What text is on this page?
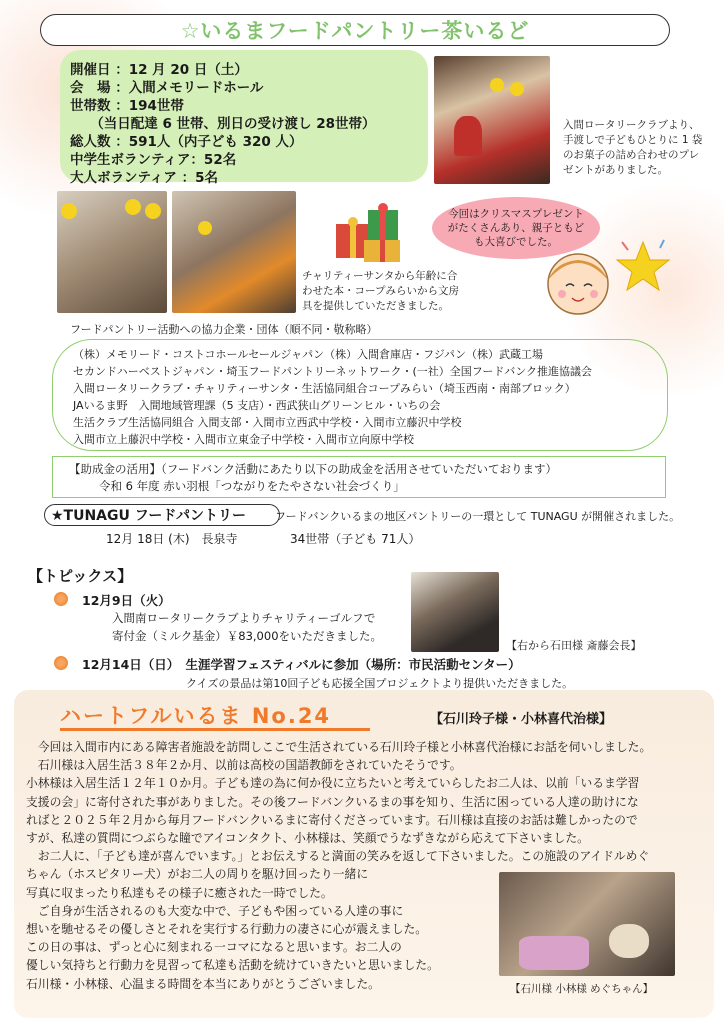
☆いるまフードパントリー茶いるど
開催日 ：12 月 20 日（土）
会　場 ：入間メモリードホール
世帯数 ：194世帯
　　（当日配達 6 世帯、別日の受け渡し 28世帯）
総人数 ：591人（内子ども 320 人）
中学生ボランティア：52名
大人ボランティア ：5名
入間ロータリークラブより、
手渡しで子どもひとりに 1 袋
のお菓子の詰め合わせのプレ
ゼントがありました。
チャリティーサンタから年齢に合
わせた本・コープみらいから文房
具を提供していただきました。
今回はクリスマスプレゼント
がたくさんあり、親子ともど
も大喜びでした。
フードパントリー活動への協力企業・団体（順不同・敬称略）
（株）メモリード・コストコホールセールジャパン（株）入間倉庫店・フジパン（株）武蔵工場
セカンドハーベストジャパン・埼玉フードパントリーネットワーク・(一社）全国フードバンク推進協議会
入間ロータリークラブ・チャリティーサンタ・生活協同組合コープみらい（埼玉西南・南部ブロック）
JAいるま野　入間地域管理課（5 支店）・西武狭山グリーンヒル・いちの会
生活クラブ生活協同組合 入間支部・入間市立西武中学校・入間市立藤沢中学校
入間市立上藤沢中学校・入間市立東金子中学校・入間市立向原中学校
【助成金の活用】（フードバンク活動にあたり以下の助成金を活用させていただいております）
令和 6 年度 赤い羽根「つながりをたやさない社会づくり」
★TUNAGU フードパントリー	フードバンクいるまの地区パントリーの一環として TUNAGU が開催されました。
12月 18日 (木)　長泉寺	34世帯（子ども 71人）
【トピックス】
12月9日（火）
入間南ロータリークラブよりチャリティーゴルフで
寄付金（ミルク基金）￥83,000をいただきました。
【右から石田様 斎藤会長】
12月14日（日）　生涯学習フェスティバルに参加（場所：市民活動センター）
クイズの景品は第10回子ども応援全国プロジェクトより提供いただきました。
ハートフルいるま No.24	【石川玲子様・小林喜代治様】
　今回は入間市内にある障害者施設を訪問しここで生活されている石川玲子様と小林喜代治様にお話を伺いしました。
　石川様は入居生活３８年２か月、以前は高校の国語教師をされていたそうです。
小林様は入居生活１２年１０か月。子ども達の為に何か役に立ちたいと考えていらしたお二人は、以前「いるま学習
支援の会」に寄付された事がありました。その後フードバンクいるまの事を知り、生活に困っている人達の助けにな
ればと２０２５年２月から毎月フードバンクいるまに寄付くださっています。石川様は直接のお話は難しかったので
すが、私達の質問につぶらな瞳でアイコンタクト、小林様は、笑顔でうなずきながら応えて下さいました。
　お二人に、「子ども達が喜んでいます。」とお伝えすると満面の笑みを返して下さいました。この施設のアイドルめぐ
ちゃん（ホスピタリー犬）がお二人の周りを駆け回ったり一緒に
写真に収まったり私達もその様子に癒された一時でした。
　ご自身が生活されるのも大変な中で、子どもや困っている人達の事に
想いを馳せるその優しさとそれを実行する行動力の凄さに心が震えました。
この日の事は、ずっと心に刻まれる一コマになると思います。お二人の
優しい気持ちと行動力を見習って私達も活動を続けていきたいと思いました。
石川様・小林様、心温まる時間を本当にありがとうございました。	【石川様 小林様 めぐちゃん】
